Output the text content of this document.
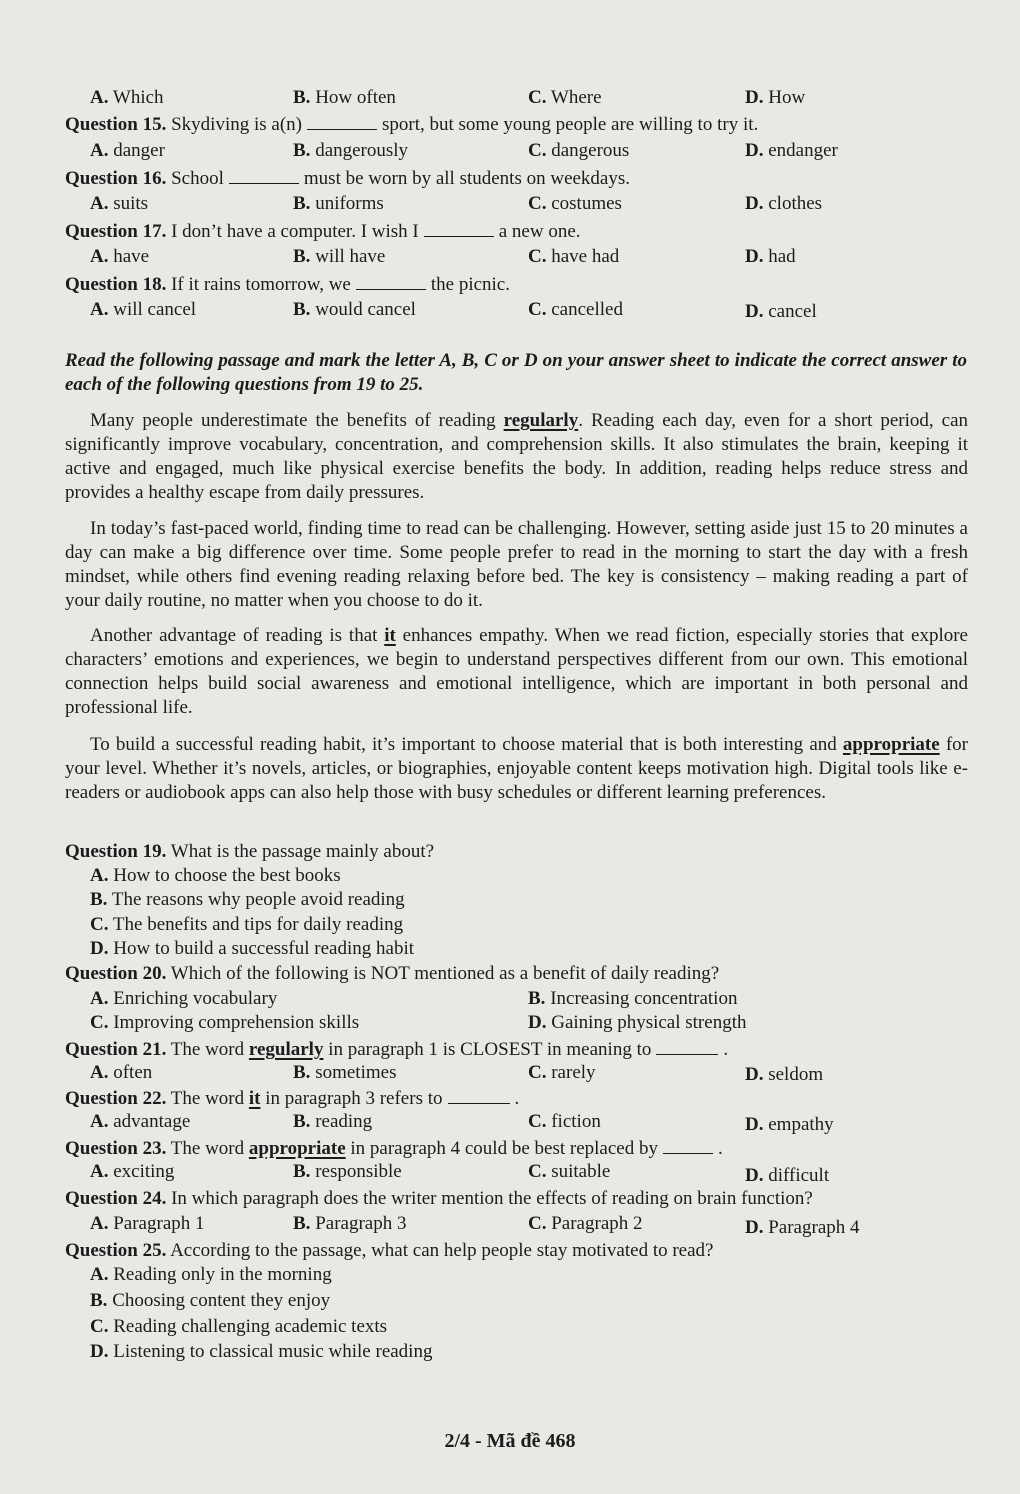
A. Which	B. How often	C. Where	D. How
Question 15. Skydiving is a(n)	sport, but some young people are willing to try it.
A. danger	B. dangerously	C. dangerous	D. endanger
Question 16. School	must be worn by all students on weekdays.
A. suits	B. uniforms	C. costumes	D. clothes
Question 17. I don’t have a computer. I wish I	a new one.
A. have	B. will have	C. have had	D. had
Question 18. If it rains tomorrow, we	the picnic.
A. will cancel	B. would cancel	C. cancelled	D. cancel
Read the following passage and mark the letter A, B, C or D on your answer sheet to indicate the correct answer to each of the following questions from 19 to 25.
Many people underestimate the benefits of reading regularly. Reading each day, even for a short period, can significantly improve vocabulary, concentration, and comprehension skills. It also stimulates the brain, keeping it active and engaged, much like physical exercise benefits the body. In addition, reading helps reduce stress and provides a healthy escape from daily pressures.
In today’s fast-paced world, finding time to read can be challenging. However, setting aside just 15 to 20 minutes a day can make a big difference over time. Some people prefer to read in the morning to start the day with a fresh mindset, while others find evening reading relaxing before bed. The key is consistency – making reading a part of your daily routine, no matter when you choose to do it.
Another advantage of reading is that it enhances empathy. When we read fiction, especially stories that explore characters’ emotions and experiences, we begin to understand perspectives different from our own. This emotional connection helps build social awareness and emotional intelligence, which are important in both personal and professional life.
To build a successful reading habit, it’s important to choose material that is both interesting and appropriate for your level. Whether it’s novels, articles, or biographies, enjoyable content keeps motivation high. Digital tools like e-readers or audiobook apps can also help those with busy schedules or different learning preferences.
Question 19. What is the passage mainly about?
A. How to choose the best books
B. The reasons why people avoid reading
C. The benefits and tips for daily reading
D. How to build a successful reading habit
Question 20. Which of the following is NOT mentioned as a benefit of daily reading?
A. Enriching vocabulary	B. Increasing concentration
C. Improving comprehension skills	D. Gaining physical strength
Question 21. The word regularly in paragraph 1 is CLOSEST in meaning to	.
A. often	B. sometimes	C. rarely	D. seldom
Question 22. The word it in paragraph 3 refers to	.
A. advantage	B. reading	C. fiction	D. empathy
Question 23. The word appropriate in paragraph 4 could be best replaced by	.
A. exciting	B. responsible	C. suitable	D. difficult
Question 24. In which paragraph does the writer mention the effects of reading on brain function?
A. Paragraph 1	B. Paragraph 3	C. Paragraph 2	D. Paragraph 4
Question 25. According to the passage, what can help people stay motivated to read?
A. Reading only in the morning
B. Choosing content they enjoy
C. Reading challenging academic texts
D. Listening to classical music while reading
2/4 - Mã đề 468
